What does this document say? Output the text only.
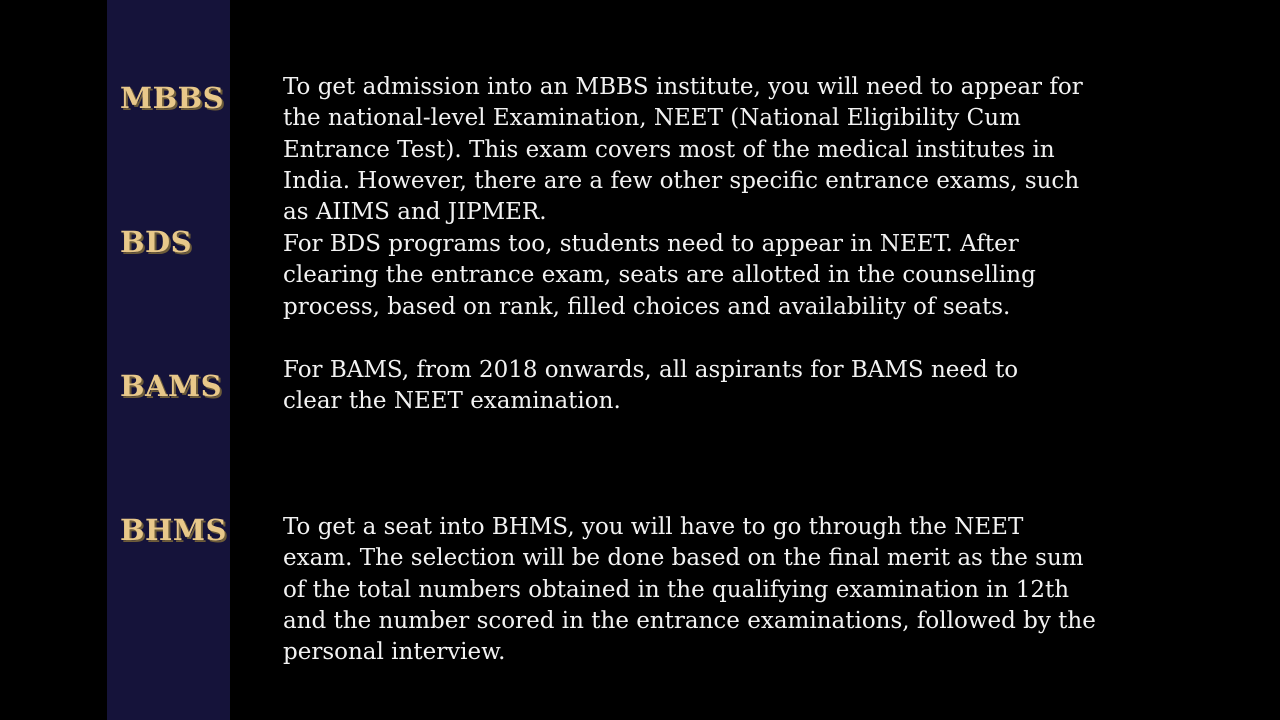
MBBS	To get admission into an MBBS institute, you will need to appear for
the national-level Examination, NEET (National Eligibility Cum
Entrance Test). This exam covers most of the medical institutes in
India. However, there are a few other specific entrance exams, such
as AIIMS and JIPMER.

BDS	For BDS programs too, students need to appear in NEET. After
clearing the entrance exam, seats are allotted in the counselling
process, based on rank, filled choices and availability of seats.

BAMS	For BAMS, from 2018 onwards, all aspirants for BAMS need to
clear the NEET examination.

BHMS To get a seat into BHMS, you will have to go through the NEET
exam. The selection will be done based on the final merit as the sum
of the total numbers obtained in the qualifying examination in 12th
and the number scored in the entrance examinations, followed by the
personal interview.
